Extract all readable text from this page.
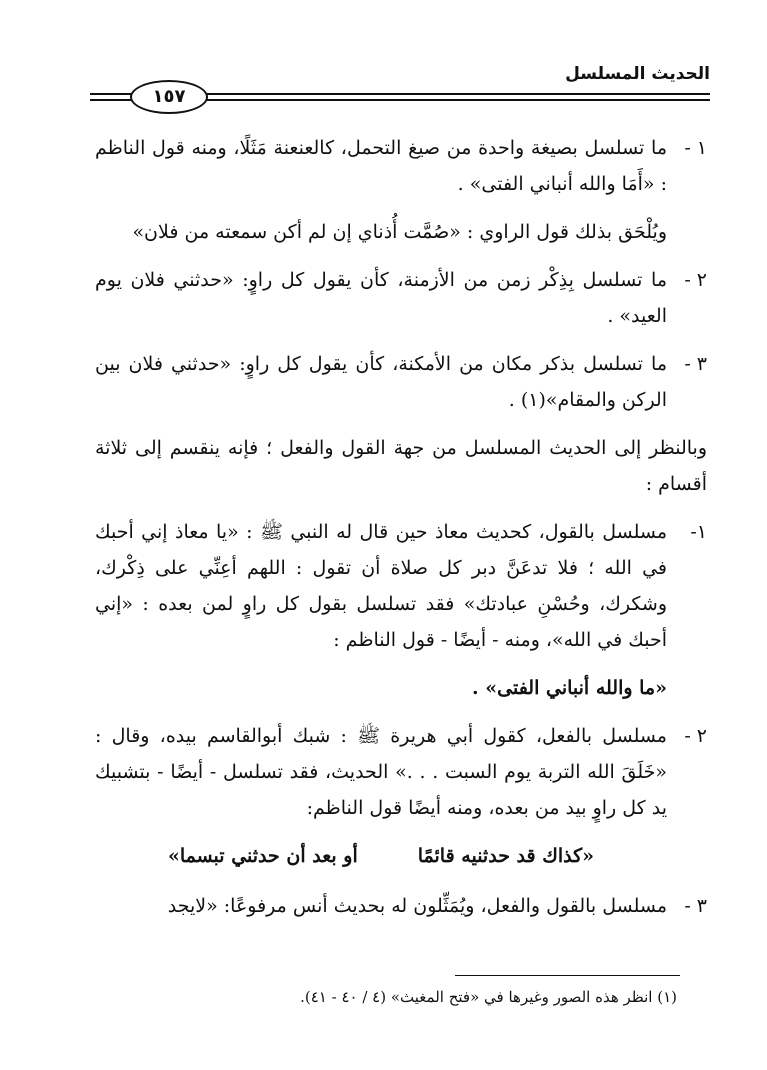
الحديث المسلسل
١٥٧
١ -
ما تسلسل بصيغة واحدة من صيغ التحمل، كالعنعنة مَثَلًا، ومنه قول الناظم : «أَمَا والله أنباني الفتى» .

ويُلْحَق بذلك قول الراوي : «صُمَّت أُذناي إن لم أكن سمعته من فلان»

٢ -
ما تسلسل بِذِكْر زمن من الأزمنة، كأن يقول كل راوٍ: «حدثني فلان يوم العيد» .
٣ -
ما تسلسل بذكر مكان من الأمكنة، كأن يقول كل راوٍ: «حدثني فلان بين الركن والمقام»(١) .

وبالنظر إلى الحديث المسلسل من جهة القول والفعل ؛ فإنه ينقسم إلى ثلاثة أقسام :

١-
مسلسل بالقول، كحديث معاذ حين قال له النبي ﷺ : «يا معاذ إني أحبك في الله ؛ فلا تدعَنَّ دبر كل صلاة أن تقول : اللهم أعِنِّي على ذِكْرك، وشكرك، وحُسْنِ عبادتك» فقد تسلسل بقول كل راوٍ لمن بعده : «إني أحبك في الله»، ومنه - أيضًا - قول الناظم :
«ما والله أنباني الفتى» .
٢ -
مسلسل بالفعل، كقول أبي هريرة ﷺ : شبك أبوالقاسم بيده، وقال : «خَلَقَ الله التربة يوم السبت . . .» الحديث، فقد تسلسل - أيضًا - بتشبيك يد كل راوٍ بيد من بعده، ومنه أيضًا قول الناظم:
«كذاك قد حدثنيه قائمًا
أو بعد أن حدثني تبسما»
٣ -
مسلسل بالقول والفعل، ويُمَثِّلون له بحديث أنس مرفوعًا: «لايجد
(١) انظر هذه الصور وغيرها في «فتح المغيث» (٤ / ٤٠ - ٤١).
